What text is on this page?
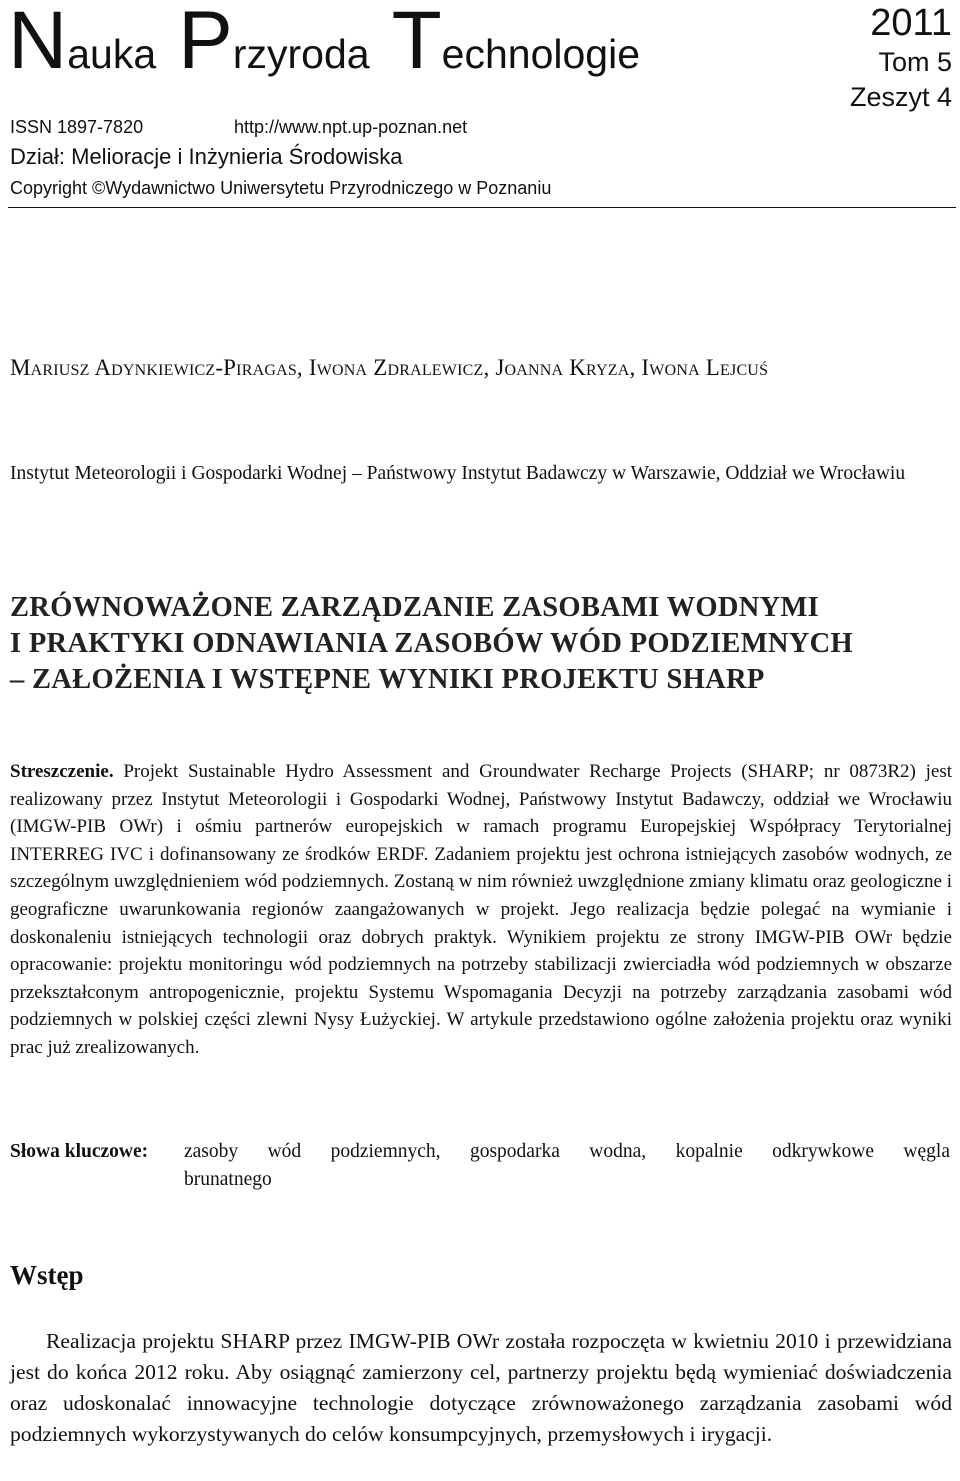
Nauka Przyroda Technologie
2011
Tom 5
Zeszyt 4
ISSN 1897-7820	http://www.npt.up-poznan.net
Dział: Melioracje i Inżynieria Środowiska
Copyright ©Wydawnictwo Uniwersytetu Przyrodniczego w Poznaniu
Mariusz Adynkiewicz-Piragas, Iwona Zdralewicz, Joanna Kryza, Iwona Lejcuś
Instytut Meteorologii i Gospodarki Wodnej – Państwowy Instytut Badawczy w Warszawie, Oddział we Wrocławiu
ZRÓWNOWAŻONE ZARZĄDZANIE ZASOBAMI WODNYMI
I PRAKTYKI ODNAWIANIA ZASOBÓW WÓD PODZIEMNYCH
– ZAŁOŻENIA I WSTĘPNE WYNIKI PROJEKTU SHARP
Streszczenie. Projekt Sustainable Hydro Assessment and Groundwater Recharge Projects (SHARP; nr 0873R2) jest realizowany przez Instytut Meteorologii i Gospodarki Wodnej, Państwowy Instytut Badawczy, oddział we Wrocławiu (IMGW-PIB OWr) i ośmiu partnerów europejskich w ramach programu Europejskiej Współpracy Terytorialnej INTERREG IVC i dofinansowany ze środków ERDF. Zadaniem projektu jest ochrona istniejących zasobów wodnych, ze szczególnym uwzględnieniem wód podziemnych. Zostaną w nim również uwzględnione zmiany klimatu oraz geologiczne i geograficzne uwarunkowania regionów zaangażowanych w projekt. Jego realizacja będzie polegać na wymianie i doskonaleniu istniejących technologii oraz dobrych praktyk. Wynikiem projektu ze strony IMGW-PIB OWr będzie opracowanie: projektu monitoringu wód podziemnych na potrzeby stabilizacji zwierciadła wód podziemnych w obszarze przekształconym antropogenicznie, projektu Systemu Wspomagania Decyzji na potrzeby zarządzania zasobami wód podziemnych w polskiej części zlewni Nysy Łużyckiej. W artykule przedstawiono ogólne założenia projektu oraz wyniki prac już zrealizowanych.
Słowa kluczowe: zasoby wód podziemnych, gospodarka wodna, kopalnie odkrywkowe węgla
brunatnego
Wstęp
Realizacja projektu SHARP przez IMGW-PIB OWr została rozpoczęta w kwietniu 2010 i przewidziana jest do końca 2012 roku. Aby osiągnąć zamierzony cel, partnerzy projektu będą wymieniać doświadczenia oraz udoskonalać innowacyjne technologie dotyczące zrównoważonego zarządzania zasobami wód podziemnych wykorzystywanych do celów konsumpcyjnych, przemysłowych i irygacji.
